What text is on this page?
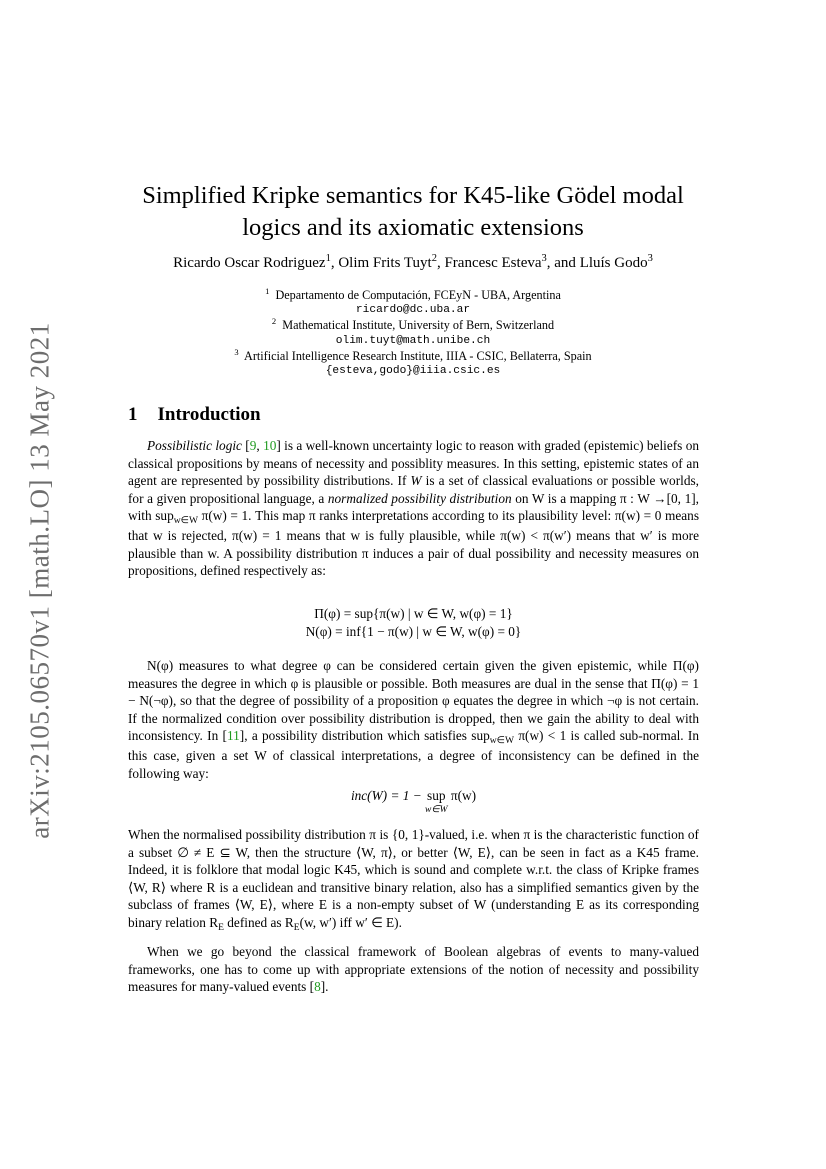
arXiv:2105.06570v1 [math.LO] 13 May 2021
Simplified Kripke semantics for K45-like Gödel modal
logics and its axiomatic extensions
Ricardo Oscar Rodriguez$^1$, Olim Frits Tuyt$^2$, Francesc Esteva$^3$, and Lluís Godo$^3$
$^1$ Departamento de Computación, FCEyN - UBA, Argentina
ricardo@dc.uba.ar
$^2$ Mathematical Institute, University of Bern, Switzerland
olim.tuyt@math.unibe.ch
$^3$ Artificial Intelligence Research Institute, IIIA - CSIC, Bellaterra, Spain
{esteva,godo}@iiia.csic.es
1 Introduction

Possibilistic logic [9, 10] is a well-known uncertainty logic to reason with graded (epistemic) beliefs on classical propositions by means of necessity and possiblity measures. In this setting, epistemic states of an agent are represented by possibility distributions. If W is a set of classical evaluations or possible worlds, for a given propositional language, a normalized possibility distribution on W is a mapping π : W →[0, 1], with sup$_{w\in W}$ π(w) = 1. This map π ranks interpretations according to its plausibility level: π(w) = 0 means that w is rejected, π(w) = 1 means that w is fully plausible, while π(w) < π(w′) means that w′ is more plausible than w. A possibility distribution π induces a pair of dual possibility and necessity measures on propositions, defined respectively as:

Π(φ) = sup{π(w) | w ∈ W, w(φ) = 1}
N(φ) = inf{1 − π(w) | w ∈ W, w(φ) = 0}

N(φ) measures to what degree φ can be considered certain given the given epistemic, while Π(φ) measures the degree in which φ is plausible or possible. Both measures are dual in the sense that Π(φ) = 1 − N(¬φ), so that the degree of possibility of a proposition φ equates the degree in which ¬φ is not certain. If the normalized condition over possibility distribution is dropped, then we gain the ability to deal with inconsistency. In [11], a possibility distribution which satisfies sup$_{w\in W}$ π(w) < 1 is called sub-normal. In this case, given a set W of classical interpretations, a degree of inconsistency can be defined in the following way:

inc(W) = 1 − sup
w∈W
π(w)

When the normalised possibility distribution π is {0, 1}-valued, i.e. when π is the characteristic function of a subset ∅ ≠ E ⊆ W, then the structure ⟨W, π⟩, or better ⟨W, E⟩, can be seen in fact as a K45 frame. Indeed, it is folklore that modal logic K45, which is sound and complete w.r.t. the class of Kripke frames ⟨W, R⟩ where R is a euclidean and transitive binary relation, also has a simplified semantics given by the subclass of frames ⟨W, E⟩, where E is a non-empty subset of W (understanding E as its corresponding binary relation $R_E$ defined as $R_E(w$, w′) iff w′ ∈ E).

When we go beyond the classical framework of Boolean algebras of events to many-valued frameworks, one has to come up with appropriate extensions of the notion of necessity and possibility measures for many-valued events [8].
